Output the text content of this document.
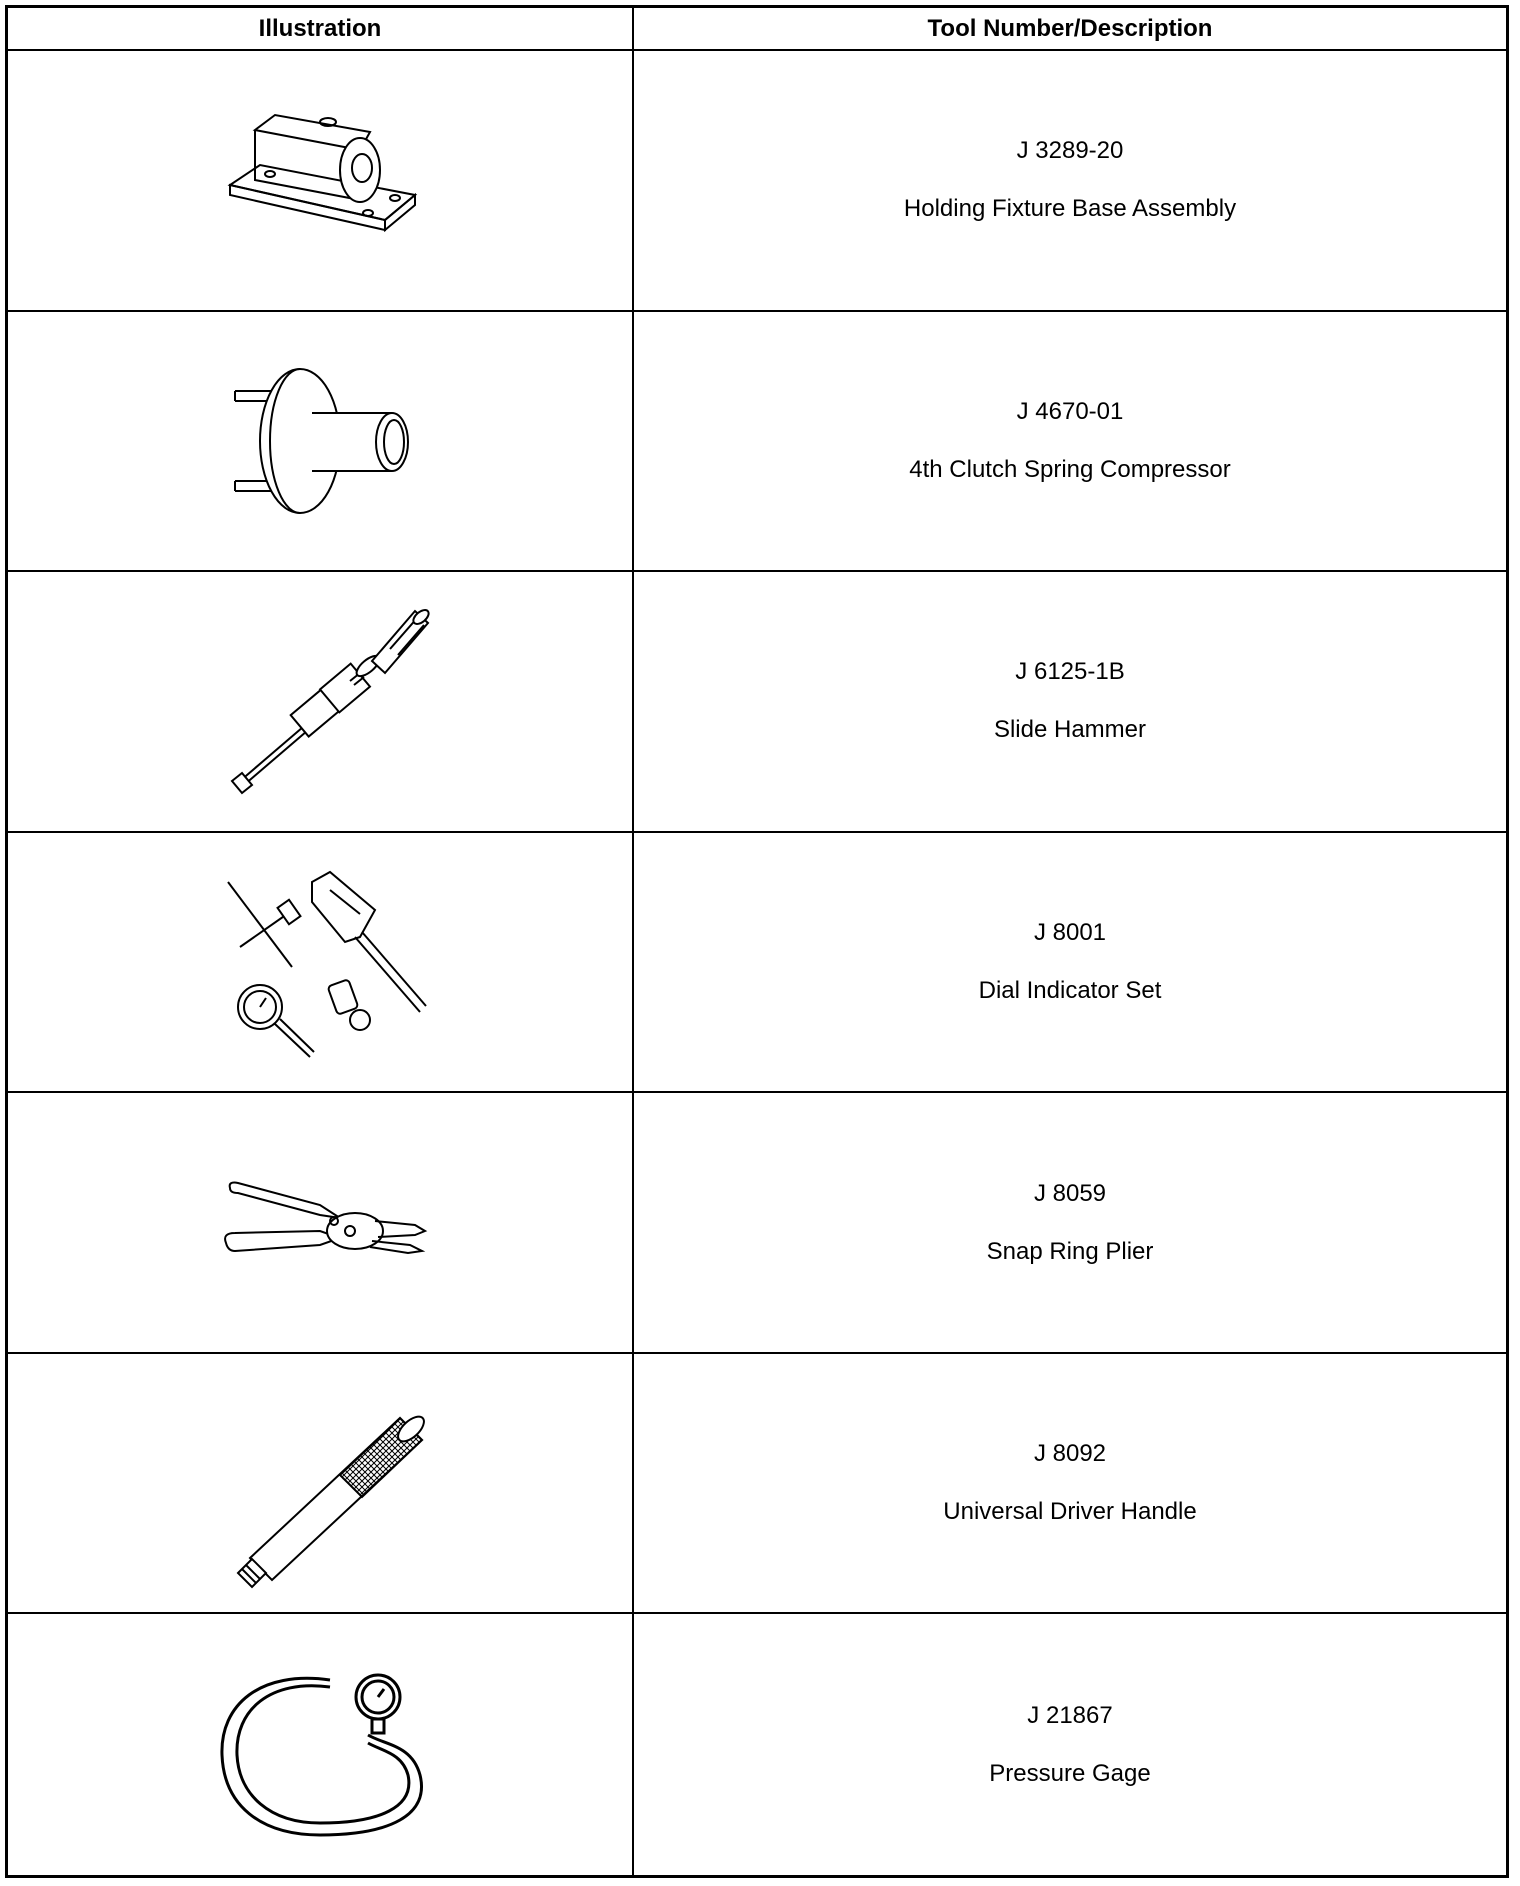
Illustration	Tool Number/Description
J 3289-20
Holding Fixture Base Assembly
J 4670-01
4th Clutch Spring Compressor
J 6125-1B
Slide Hammer
J 8001
Dial Indicator Set
J 8059
Snap Ring Plier
J 8092
Universal Driver Handle
J 21867
Pressure Gage
